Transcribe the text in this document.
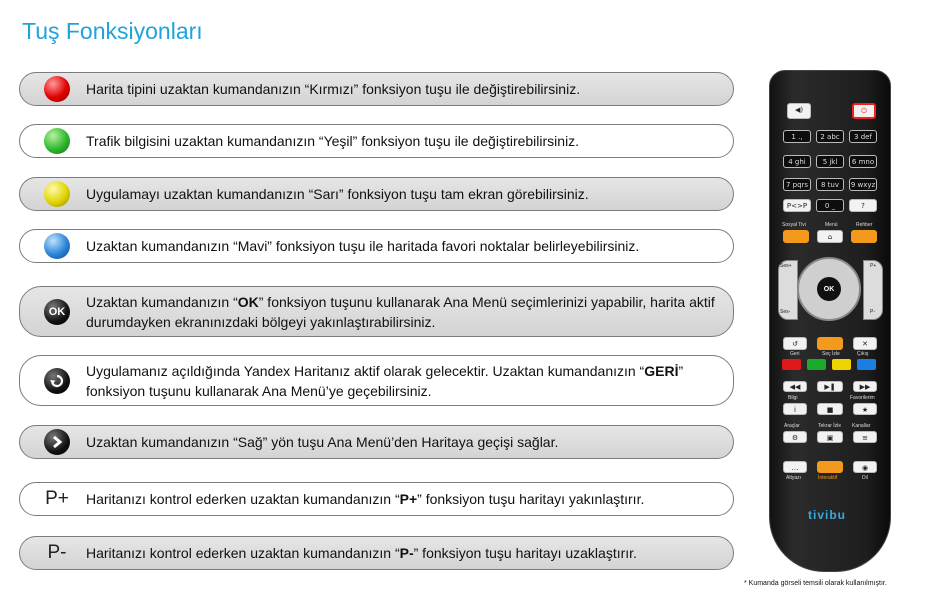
Tuş Fonksiyonları
Harita tipini uzaktan kumandanızın “Kırmızı” fonksiyon tuşu ile değiştirebilirsiniz.
Trafik bilgisini uzaktan kumandanızın “Yeşil” fonksiyon tuşu ile değiştirebilirsiniz.
Uygulamayı uzaktan kumandanızın “Sarı” fonksiyon tuşu tam ekran görebilirsiniz.
Uzaktan kumandanızın “Mavi” fonksiyon tuşu ile haritada favori noktalar belirleyebilirsiniz.
OK
Uzaktan kumandanızın “OK” fonksiyon tuşunu kullanarak Ana Menü seçimlerinizi yapabilir, harita aktif durumdayken ekranınızdaki bölgeyi yakınlaştırabilirsiniz.
Uygulamanız açıldığında Yandex Haritanız aktif olarak gelecektir. Uzaktan kumandanızın “GERİ” fonksiyon tuşunu kullanarak Ana Menü’ye geçebilirsiniz.
Uzaktan kumandanızın “Sağ” yön tuşu Ana Menü’den Haritaya geçişi sağlar.
P+ Haritanızı kontrol ederken uzaktan kumandanızın “P+” fonksiyon tuşu haritayı yakınlaştırır.
P- Haritanızı kontrol ederken uzaktan kumandanızın “P-” fonksiyon tuşu haritayı uzaklaştırır.
◀)	⏻
1 .,	2 abc	3 def
4 ghi	5 jkl	6 mno
7 pqrs	8 tuv	9 wxyz
P<>P	0 _	?
Sosyal Tivi	Menü	Rehber
⌂
Ses+
Ses-
P+
P-
OK
↺	✕
Geri	Seç İzle	Çıkış
◀◀	▶❚	▶▶
Bilgi	Favorilerim
i	■	★
Araçlar	Tekrar İzle Kanallar
⚙	▣	≡
…	◉
Altyazı	İnteraktif	Dil
tivibu
* Kumanda görseli temsili olarak kullanılmıştır.
